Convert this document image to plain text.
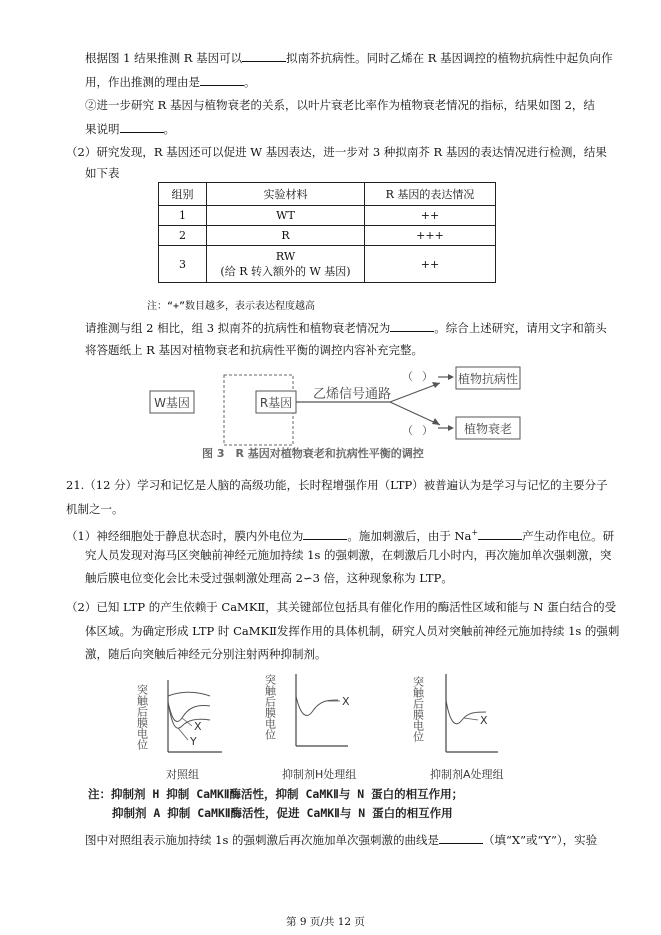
根据图 1 结果推测 R 基因可以	拟南芥抗病性。同时乙烯在 R 基因调控的植物抗病性中起负向作
用，作出推测的理由是	。
②进一步研究 R 基因与植物衰老的关系，以叶片衰老比率作为植物衰老情况的指标，结果如图 2，结
果说明	。
（2）研究发现，R 基因还可以促进 W 基因表达，进一步对 3 种拟南芥 R 基因的表达情况进行检测，结果
如下表
组别	实验材料	R 基因的表达情况
1	WT	++
2	R	+++
3	RW
(给 R 转入额外的 W 基因)	++
注：“+”数目越多，表示表达程度越高
请推测与组 2 相比，组 3 拟南芥的抗病性和植物衰老情况为	。综合上述研究，请用文字和箭头
将答题纸上 R 基因对植物衰老和抗病性平衡的调控内容补充完整。
W基因	R基因
乙烯信号通路
（ ）
（ ）
植物抗病性
植物衰老
图 3　R 基因对植物衰老和抗病性平衡的调控
21.（12 分）学习和记忆是人脑的高级功能，长时程增强作用（LTP）被普遍认为是学习与记忆的主要分子
机制之一。
（1）神经细胞处于静息状态时，膜内外电位为	。施加刺激后，由于 Na+	产生动作电位。研
究人员发现对海马区突触前神经元施加持续 1s 的强刺激，在刺激后几小时内，再次施加单次强刺激，突
触后膜电位变化会比未受过强刺激处理高 2∽3 倍，这种现象称为 LTP。
（2）已知 LTP 的产生依赖于 CaMKⅡ，其关键部位包括具有催化作用的酶活性区域和能与 N 蛋白结合的受
体区域。为确定形成 LTP 时 CaMKⅡ发挥作用的具体机制，研究人员对突触前神经元施加持续 1s 的强刺
激，随后向突触后神经元分别注射两种抑制剂。
突触后膜电位	X
Y
对照组
突触后膜电位	X
抑制剂H处理组
突触后膜电位	X
抑制剂A处理组
注：抑制剂 H 抑制 CaMKⅡ酶活性，抑制 CaMKⅡ与 N 蛋白的相互作用；
抑制剂 A 抑制 CaMKⅡ酶活性，促进 CaMKⅡ与 N 蛋白的相互作用
图中对照组表示施加持续 1s 的强刺激后再次施加单次强刺激的曲线是	（填“X”或“Y”），实验
第 9 页/共 12 页
